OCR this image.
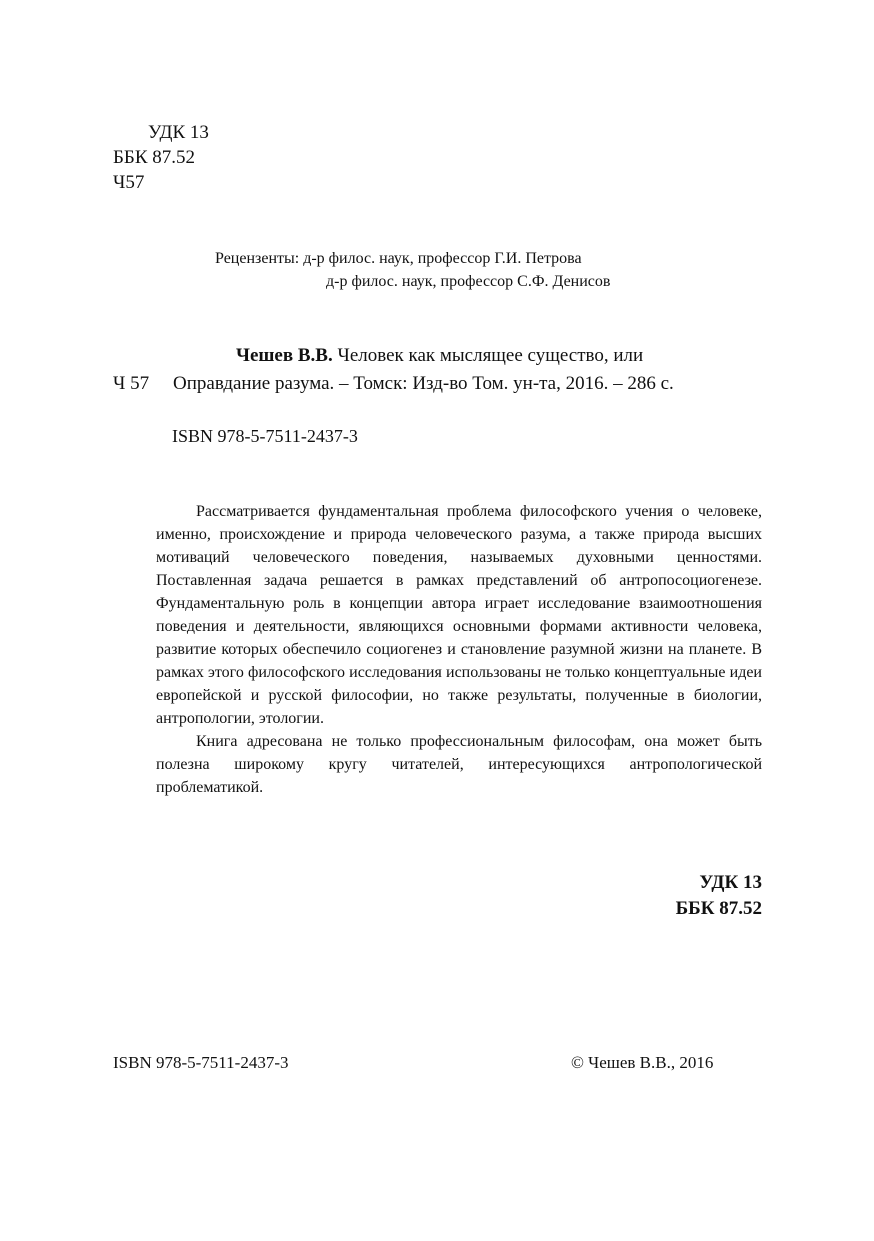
УДК 13
ББК 87.52
Ч57
Рецензенты: д-р филос. наук, профессор Г.И. Петрова
д-р филос. наук, профессор С.Ф. Денисов
Чешев В.В. Человек как мыслящее существо, или
Ч 57 Оправдание разума. – Томск: Изд-во Том. ун-та, 2016. – 286 с.
ISBN 978-5-7511-2437-3

Рассматривается фундаментальная проблема философского учения о человеке, именно, происхождение и природа человеческого разума, а также природа высших мотиваций человеческого поведения, называемых духовными ценностями. Поставленная задача решается в рамках представлений об антропосоциогенезе. Фундаментальную роль в концепции автора играет исследование взаимоотношения поведения и деятельности, являющихся основными формами активности человека, развитие которых обеспечило социогенез и становление разумной жизни на планете. В рамках этого философского исследования использованы не только концептуальные идеи европейской и русской философии, но также результаты, полученные в биологии, антропологии, этологии.

Книга адресована не только профессиональным философам, она может быть полезна широкому кругу читателей, интересующихся антропологической проблематикой.

УДК 13
ББК 87.52
ISBN 978-5-7511-2437-3	© Чешев В.В., 2016
